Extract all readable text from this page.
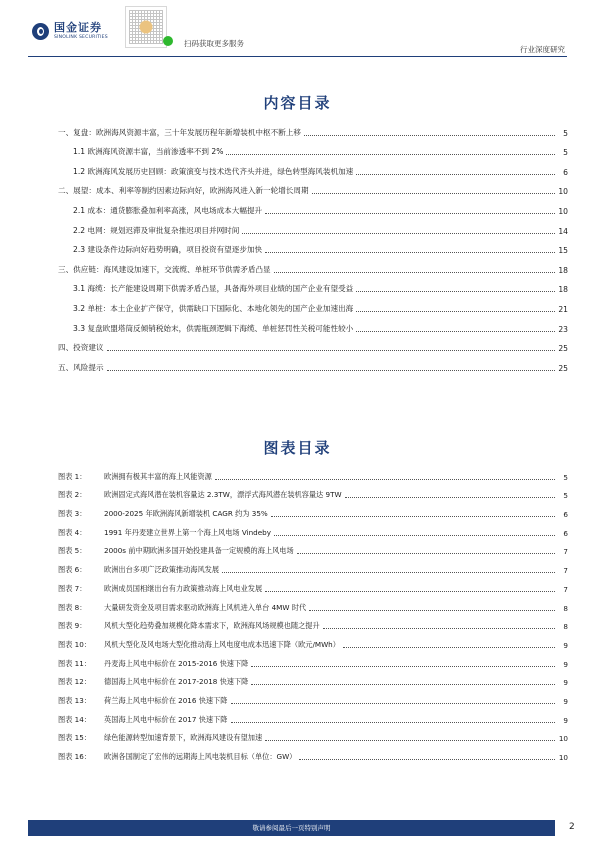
国金证券
SINOLINK SECURITIES
扫码获取更多服务
行业深度研究
内容目录
一、复盘：欧洲海风资源丰富，三十年发展历程年新增装机中枢不断上移	5
1.1 欧洲海风资源丰富，当前渗透率不到 2%	5
1.2 欧洲海风发展历史回顾：政策演变与技术迭代齐头并进，绿色转型海风装机加速	6
二、展望：成本、利率等制约因素边际向好，欧洲海风进入新一轮增长周期	10
2.1 成本：通货膨胀叠加利率高涨，风电场成本大幅提升	10
2.2 电网：规划迟滞及审批复杂推迟项目并网时间	14
2.3 建设条件边际向好趋势明确，项目投资有望逐步加快	15
三、供应链：海风建设加速下，交流缆、单桩环节供需矛盾凸显	18
3.1 海缆：长产能建设周期下供需矛盾凸显，具备海外项目业绩的国产企业有望受益	18
3.2 单桩：本土企业扩产保守，供需缺口下国际化、本地化领先的国产企业加速出海	21
3.3 复盘欧盟塔筒反倾销税始末，供需瓶颈逻辑下海缆、单桩惩罚性关税可能性较小	23
四、投资建议	25
五、风险提示	25
图表目录
图表 1：	欧洲拥有极其丰富的海上风能资源	5
图表 2：	欧洲固定式海风潜在装机容量达 2.3TW，漂浮式海风潜在装机容量达 9TW	5
图表 3：	2000-2025 年欧洲海风新增装机 CAGR 约为 35%	6
图表 4：	1991 年丹麦建立世界上第一个海上风电场 Vindeby	6
图表 5：	2000s 前中期欧洲多国开始投建具备一定规模的海上风电场	7
图表 6：	欧洲出台多项广泛政策推动海风发展	7
图表 7：	欧洲成员国相继出台有力政策推动海上风电业发展	7
图表 8：	大量研发资金及项目需求驱动欧洲海上风机进入单台 4MW 时代	8
图表 9：	风机大型化趋势叠加规模化降本需求下，欧洲海风场规模也随之提升	8
图表 10：	风机大型化及风电场大型化推动海上风电度电成本迅速下降（欧元/MWh）	9
图表 11：	丹麦海上风电中标价在 2015-2016 快速下降	9
图表 12：	德国海上风电中标价在 2017-2018 快速下降	9
图表 13：	荷兰海上风电中标价在 2016 快速下降	9
图表 14：	英国海上风电中标价在 2017 快速下降	9
图表 15：	绿色能源转型加速背景下，欧洲海风建设有望加速	10
图表 16：	欧洲各国制定了宏伟的远期海上风电装机目标（单位：GW）	10
敬请参阅最后一页特别声明	2
